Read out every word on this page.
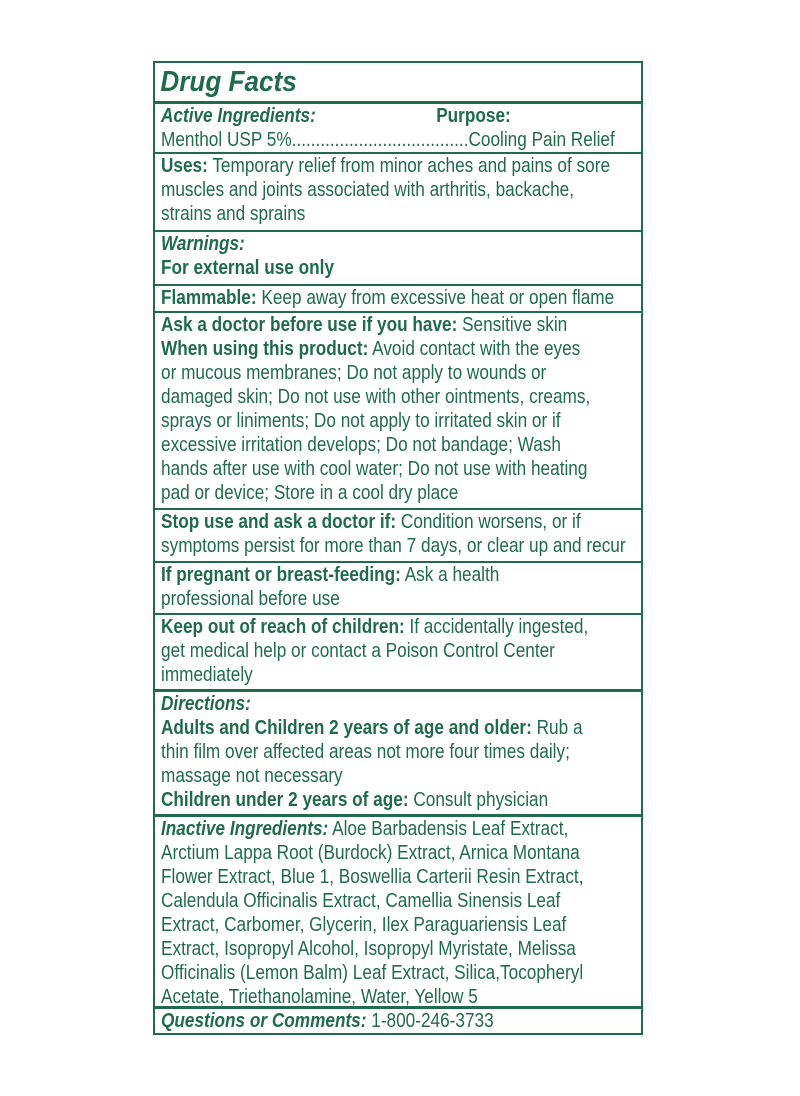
Drug Facts
Active Ingredients:	Purpose:
Menthol USP 5%.....................................Cooling Pain Relief
Uses: Temporary relief from minor aches and pains of sore
muscles and joints associated with arthritis, backache,
strains and sprains
Warnings:
For external use only
Flammable: Keep away from excessive heat or open flame
Ask a doctor before use if you have: Sensitive skin
When using this product: Avoid contact with the eyes
or mucous membranes; Do not apply to wounds or
damaged skin; Do not use with other ointments, creams,
sprays or liniments; Do not apply to irritated skin or if
excessive irritation develops; Do not bandage; Wash
hands after use with cool water; Do not use with heating
pad or device; Store in a cool dry place
Stop use and ask a doctor if: Condition worsens, or if
symptoms persist for more than 7 days, or clear up and recur
If pregnant or breast-feeding: Ask a health
professional before use
Keep out of reach of children: If accidentally ingested,
get medical help or contact a Poison Control Center
immediately
Directions:
Adults and Children 2 years of age and older: Rub a
thin film over affected areas not more four times daily;
massage not necessary
Children under 2 years of age: Consult physician
Inactive Ingredients: Aloe Barbadensis Leaf Extract,
Arctium Lappa Root (Burdock) Extract, Arnica Montana
Flower Extract, Blue 1, Boswellia Carterii Resin Extract,
Calendula Officinalis Extract, Camellia Sinensis Leaf
Extract, Carbomer, Glycerin, Ilex Paraguariensis Leaf
Extract, Isopropyl Alcohol, Isopropyl Myristate, Melissa
Officinalis (Lemon Balm) Leaf Extract, Silica,Tocopheryl
Acetate, Triethanolamine, Water, Yellow 5
Questions or Comments: 1-800-246-3733
